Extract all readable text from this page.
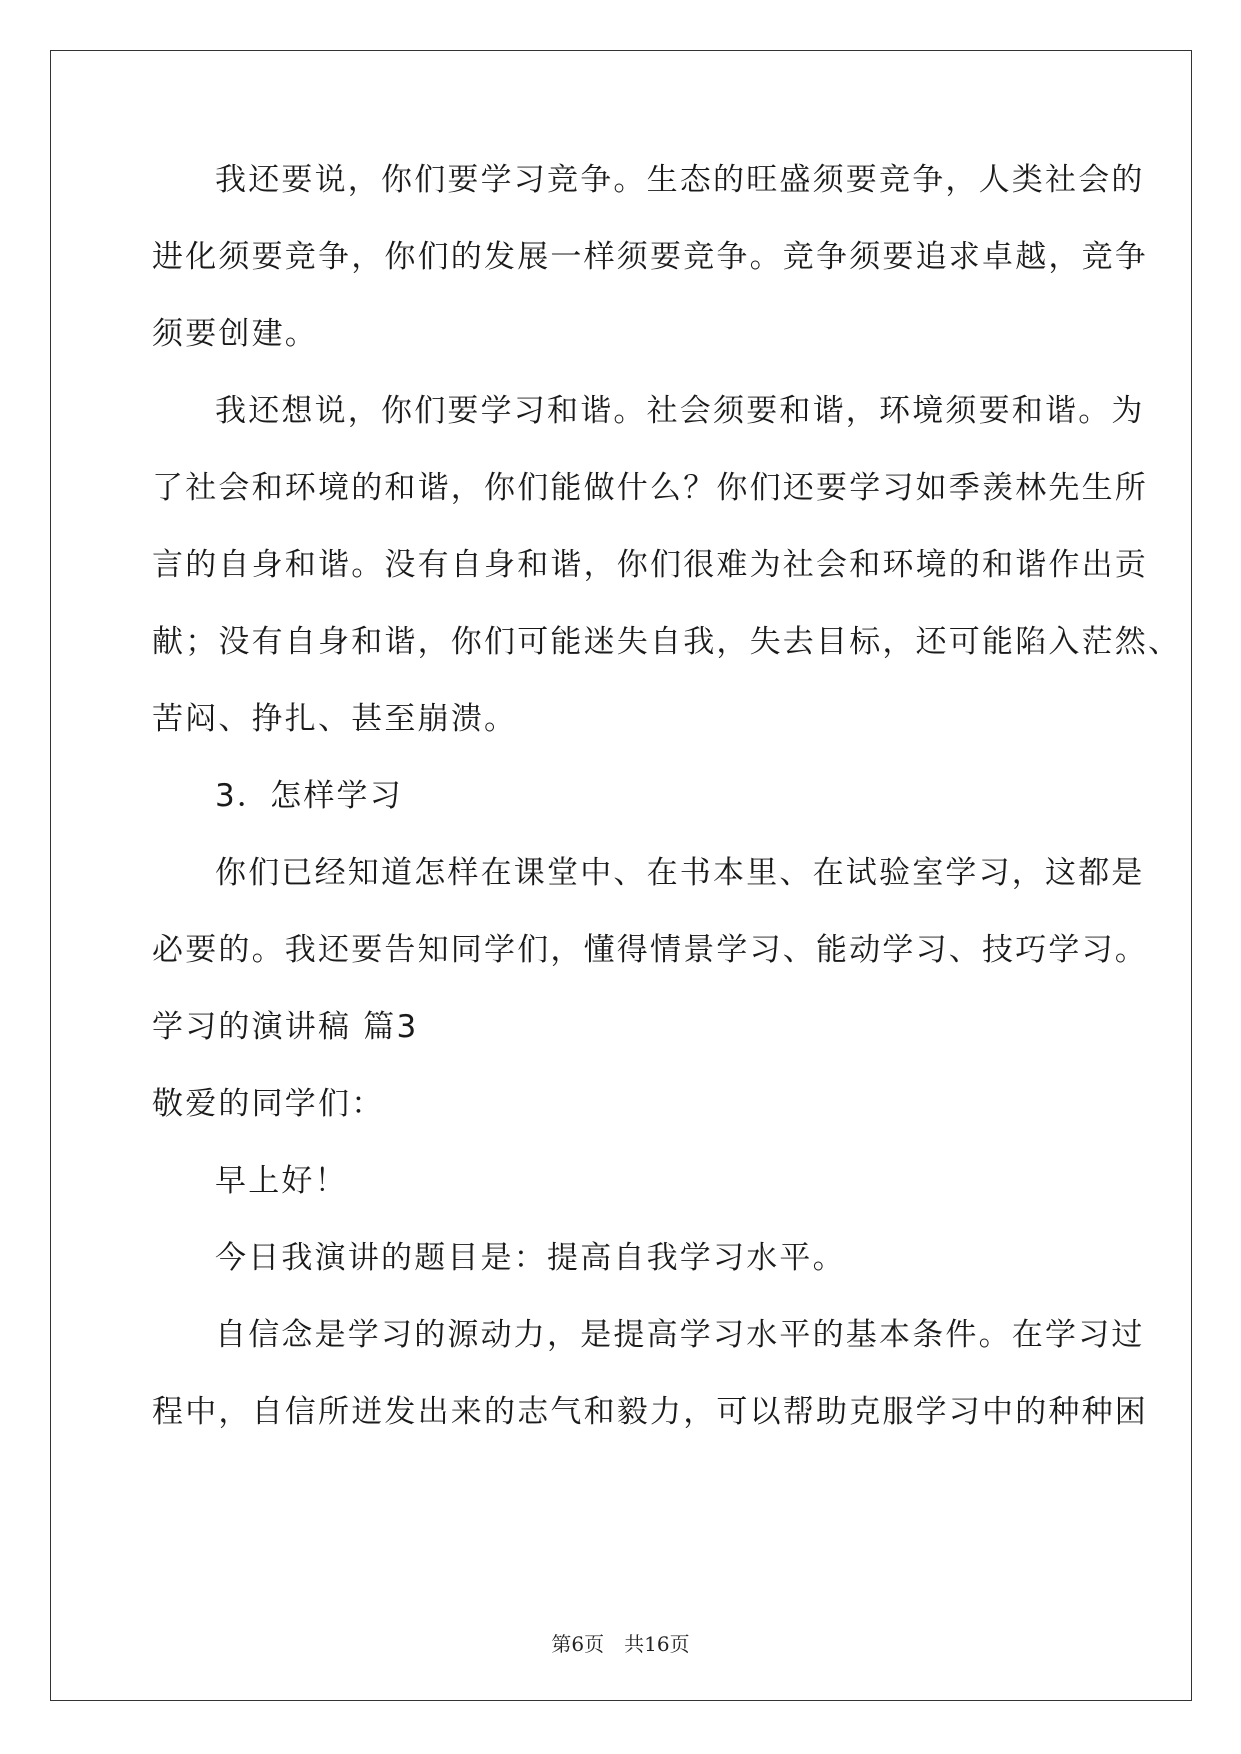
我还要说，你们要学习竞争。生态的旺盛须要竞争，人类社会的
进化须要竞争，你们的发展一样须要竞争。竞争须要追求卓越，竞争
须要创建。
我还想说，你们要学习和谐。社会须要和谐，环境须要和谐。为
了社会和环境的和谐，你们能做什么？你们还要学习如季羡林先生所
言的自身和谐。没有自身和谐，你们很难为社会和环境的和谐作出贡
献；没有自身和谐，你们可能迷失自我，失去目标，还可能陷入茫然、
苦闷、挣扎、甚至崩溃。
3．怎样学习
你们已经知道怎样在课堂中、在书本里、在试验室学习，这都是
必要的。我还要告知同学们，懂得情景学习、能动学习、技巧学习。
学习的演讲稿 篇3
敬爱的同学们：
早上好！
今日我演讲的题目是：提高自我学习水平。
自信念是学习的源动力，是提高学习水平的基本条件。在学习过
程中，自信所迸发出来的志气和毅力，可以帮助克服学习中的种种困
第6页 共16页
